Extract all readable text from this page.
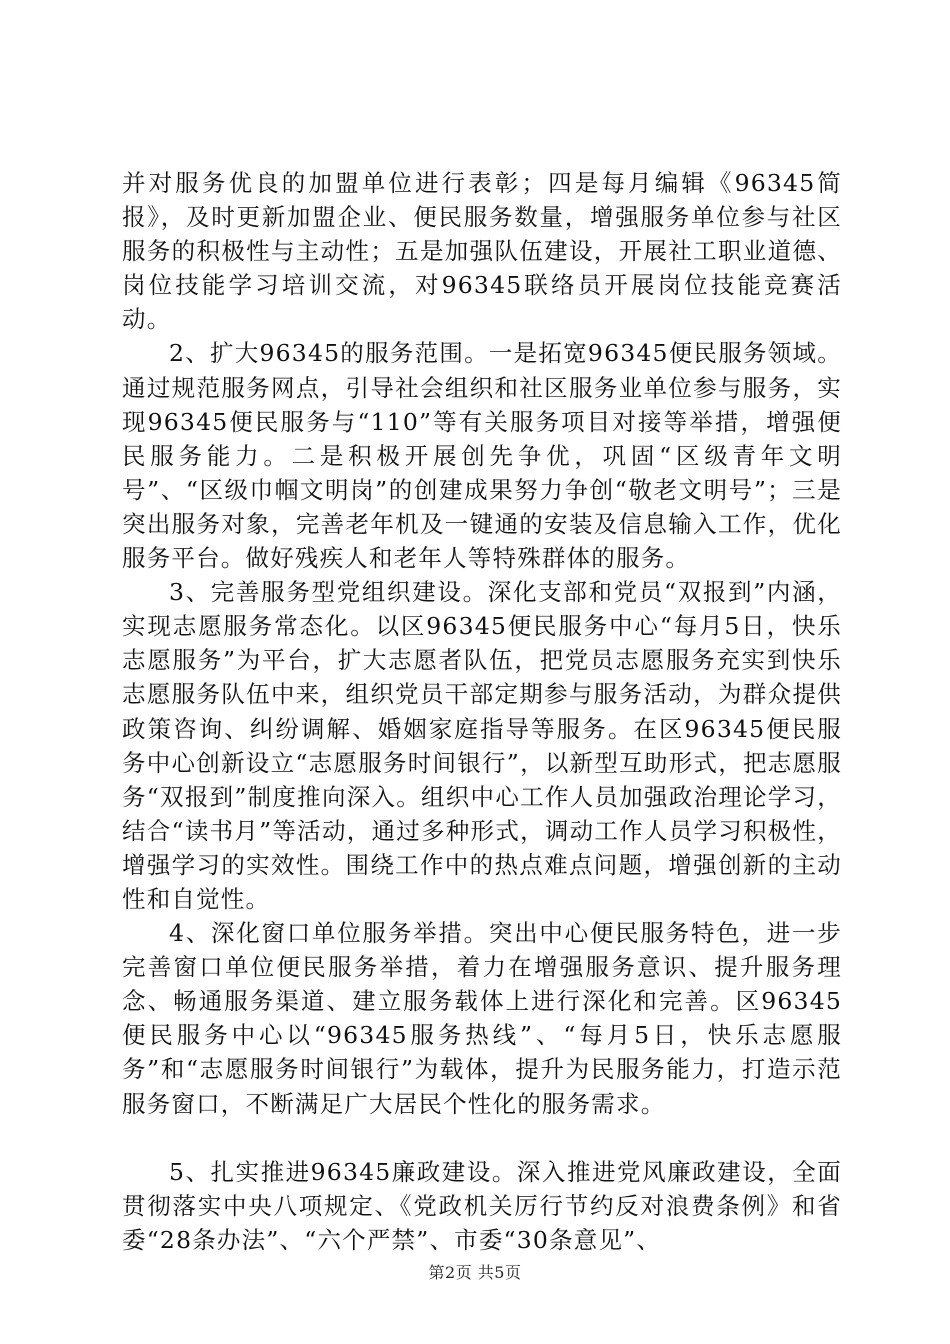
并对服务优良的加盟单位进行表彰；四是每月编辑《96345简报》，及时更新加盟企业、便民服务数量，增强服务单位参与社区服务的积极性与主动性；五是加强队伍建设，开展社工职业道德、岗位技能学习培训交流，对96345联络员开展岗位技能竞赛活动。

2、扩大96345的服务范围。一是拓宽96345便民服务领域。通过规范服务网点，引导社会组织和社区服务业单位参与服务，实现96345便民服务与“110”等有关服务项目对接等举措，增强便民服务能力。二是积极开展创先争优，巩固“区级青年文明号”、“区级巾帼文明岗”的创建成果努力争创“敬老文明号”；三是突出服务对象，完善老年机及一键通的安装及信息输入工作，优化服务平台。做好残疾人和老年人等特殊群体的服务。

3、完善服务型党组织建设。深化支部和党员“双报到”内涵，实现志愿服务常态化。以区96345便民服务中心“每月5日，快乐志愿服务”为平台，扩大志愿者队伍，把党员志愿服务充实到快乐志愿服务队伍中来，组织党员干部定期参与服务活动，为群众提供政策咨询、纠纷调解、婚姻家庭指导等服务。在区96345便民服务中心创新设立“志愿服务时间银行”，以新型互助形式，把志愿服务“双报到”制度推向深入。组织中心工作人员加强政治理论学习，结合“读书月”等活动，通过多种形式，调动工作人员学习积极性，增强学习的实效性。围绕工作中的热点难点问题，增强创新的主动性和自觉性。

4、深化窗口单位服务举措。突出中心便民服务特色，进一步完善窗口单位便民服务举措，着力在增强服务意识、提升服务理念、畅通服务渠道、建立服务载体上进行深化和完善。区96345便民服务中心以“96345服务热线”、“每月5日，快乐志愿服务”和“志愿服务时间银行”为载体，提升为民服务能力，打造示范服务窗口，不断满足广大居民个性化的服务需求。

5、扎实推进96345廉政建设。深入推进党风廉政建设，全面贯彻落实中央八项规定、《党政机关厉行节约反对浪费条例》和省委“28条办法”、“六个严禁”、市委“30条意见”、

第2页 共5页
